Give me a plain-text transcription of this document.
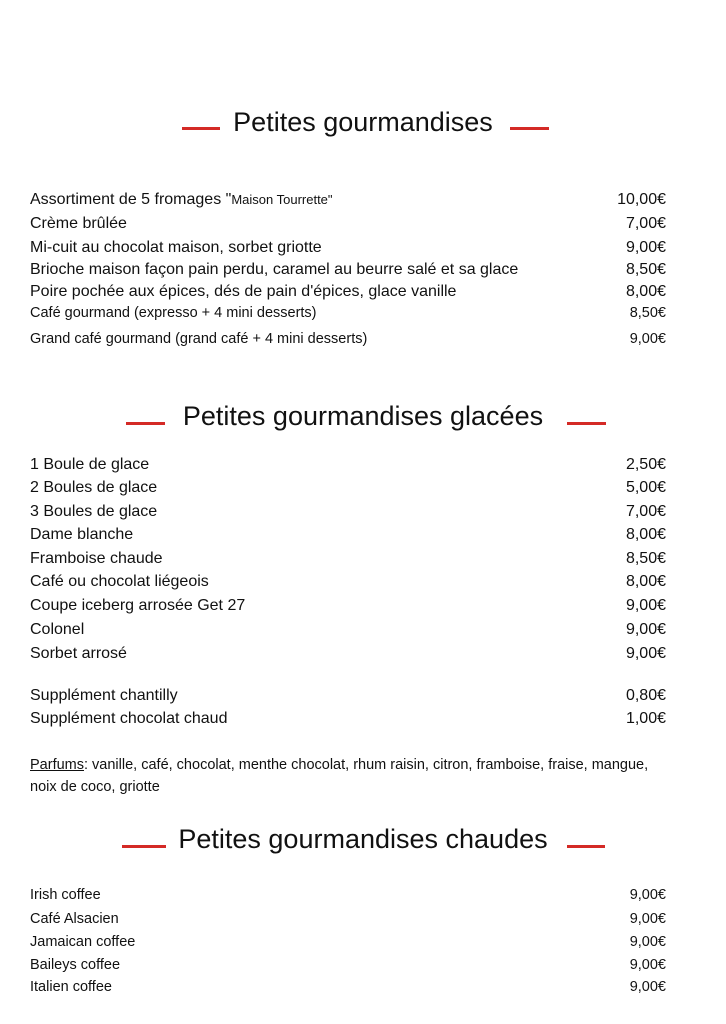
Petites gourmandises
Petites gourmandises glacées
Petites gourmandises chaudes
Parfums: vanille, café, chocolat, menthe chocolat, rhum raisin, citron, framboise, fraise, mangue, noix de coco, griotte
Assortiment de 5 fromages "Maison Tourrette"	10,00€
Crème brûlée	7,00€
Mi-cuit au chocolat maison, sorbet griotte	9,00€
Brioche maison façon pain perdu, caramel au beurre salé et sa glace	8,50€
Poire pochée aux épices, dés de pain d'épices, glace vanille	8,00€
Café gourmand (expresso + 4 mini desserts)	8,50€
Grand café gourmand (grand café + 4 mini desserts)	9,00€
1 Boule de glace	2,50€
2 Boules de glace	5,00€
3 Boules de glace	7,00€
Dame blanche	8,00€
Framboise chaude	8,50€
Café ou chocolat liégeois	8,00€
Coupe iceberg arrosée Get 27	9,00€
Colonel	9,00€
Sorbet arrosé	9,00€
Supplément chantilly	0,80€
Supplément chocolat chaud	1,00€
Irish coffee	9,00€
Café Alsacien	9,00€
Jamaican coffee	9,00€
Baileys coffee	9,00€
Italien coffee	9,00€
